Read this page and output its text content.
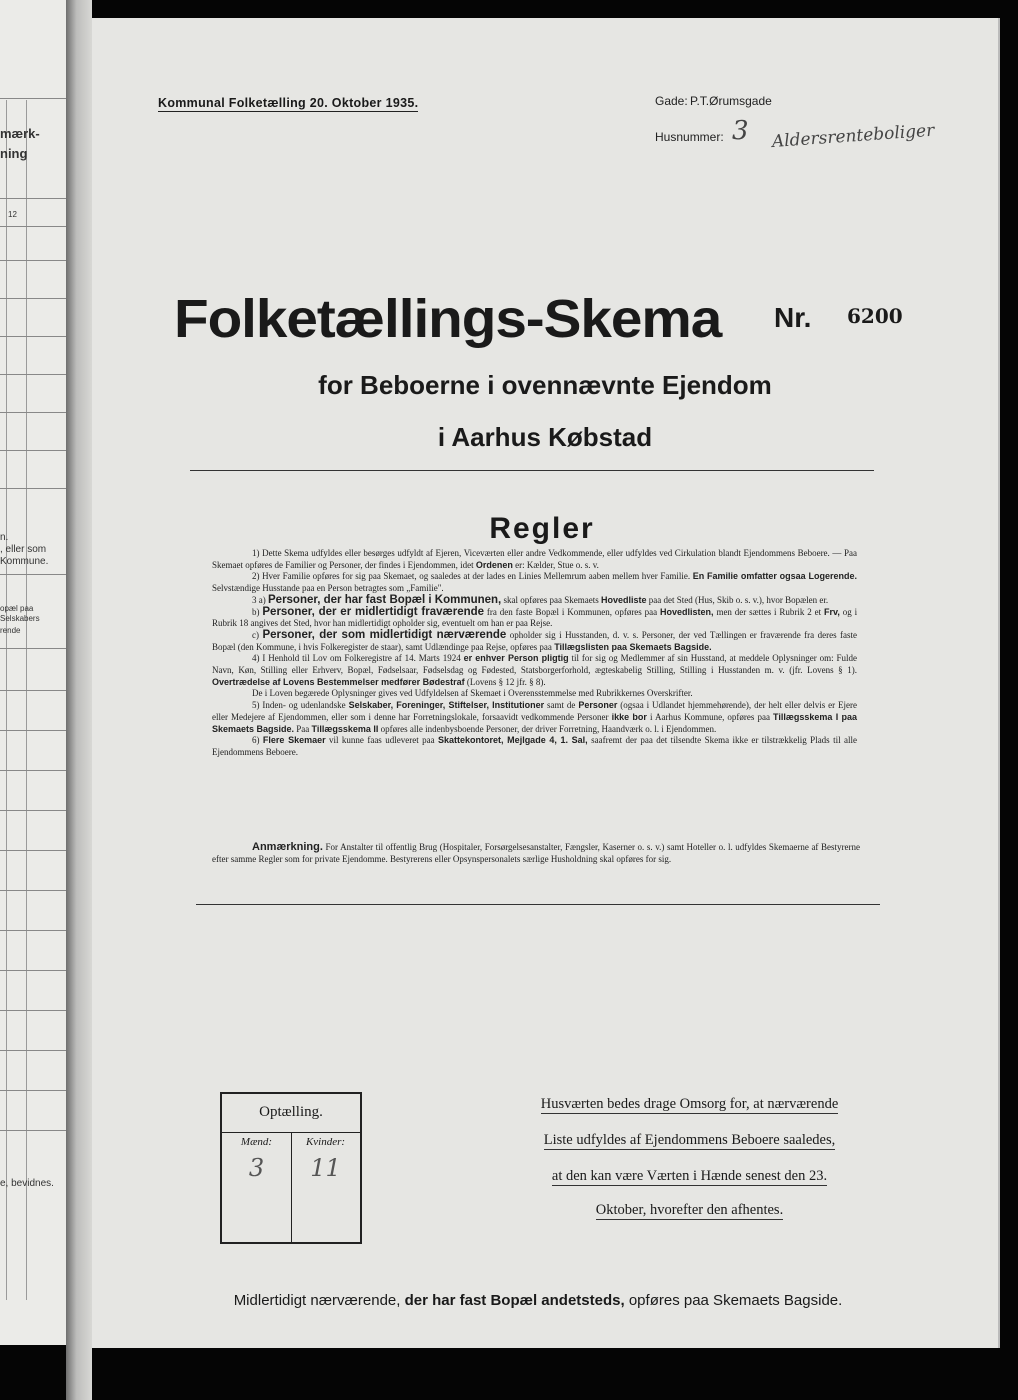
mærk-
ning
12
n.
, eller som
Kommune.
opæl paa
Selskabers
rende
e, bevidnes.
Kommunal Folketælling 20. Oktober 1935.	Gade: P.T.Ørumsgade
Husnummer: 3 Aldersrenteboliger
Folketællings-Skema Nr. 6200
for Beboerne i ovennævnte Ejendom
i Aarhus Købstad
Regler

1) Dette Skema udfyldes eller besørges udfyldt af Ejeren, Viceværten eller andre Vedkommende, eller udfyldes ved Cirkulation blandt Ejendommens Beboere. — Paa Skemaet opføres de Familier og Personer, der findes i Ejendommen, idet Ordenen er: Kælder, Stue o. s. v.

2) Hver Familie opføres for sig paa Skemaet, og saaledes at der lades en Linies Mellemrum aaben mellem hver Familie. En Familie omfatter ogsaa Logerende. Selvstændige Husstande paa en Person betragtes som „Familie".

3 a) Personer, der har fast Bopæl i Kommunen, skal opføres paa Skemaets Hovedliste paa det Sted (Hus, Skib o. s. v.), hvor Bopælen er.

b) Personer, der er midlertidigt fraværende fra den faste Bopæl i Kommunen, opføres paa Hovedlisten, men der sættes i Rubrik 2 et Frv, og i Rubrik 18 angives det Sted, hvor han midlertidigt opholder sig, eventuelt om han er paa Rejse.

c) Personer, der som midlertidigt nærværende opholder sig i Husstanden, d. v. s. Personer, der ved Tællingen er fraværende fra deres faste Bopæl (den Kommune, i hvis Folkeregister de staar), samt Udlændinge paa Rejse, opføres paa Tillægslisten paa Skemaets Bagside.

4) I Henhold til Lov om Folkeregistre af 14. Marts 1924 er enhver Person pligtig til for sig og Medlemmer af sin Husstand, at meddele Oplysninger om: Fulde Navn, Køn, Stilling eller Erhverv, Bopæl, Fødselsaar, Fødselsdag og Fødested, Statsborgerforhold, ægteskabelig Stilling, Stilling i Husstanden m. v. (jfr. Lovens § 1). Overtrædelse af Lovens Bestemmelser medfører Bødestraf (Lovens § 12 jfr. § 8).

De i Loven begærede Oplysninger gives ved Udfyldelsen af Skemaet i Overensstemmelse med Rubrikkernes Overskrifter.

5) Inden- og udenlandske Selskaber, Foreninger, Stiftelser, Institutioner samt de Personer (ogsaa i Udlandet hjemmehørende), der helt eller delvis er Ejere eller Medejere af Ejendommen, eller som i denne har Forretningslokale, forsaavidt vedkommende Personer ikke bor i Aarhus Kommune, opføres paa Tillægsskema I paa Skemaets Bagside. Paa Tillægsskema II opføres alle indenbysboende Personer, der driver Forretning, Haandværk o. l. i Ejendommen.

6) Flere Skemaer vil kunne faas udleveret paa Skattekontoret, Mejlgade 4, 1. Sal, saafremt der paa det tilsendte Skema ikke er tilstrækkelig Plads til alle Ejendommens Beboere.

Anmærkning. For Anstalter til offentlig Brug (Hospitaler, Forsørgelsesanstalter, Fængsler, Kaserner o. s. v.) samt Hoteller o. l. udfyldes Skemaerne af Bestyrerne efter samme Regler som for private Ejendomme. Bestyrerens eller Opsynspersonalets særlige Husholdning skal opføres for sig.
Optælling.
Mænd:	Kvinder:
3	11
Husværten bedes drage Omsorg for, at nærværende
Liste udfyldes af Ejendommens Beboere saaledes,
at den kan være Værten i Hænde senest den 23.
Oktober, hvorefter den afhentes.
Midlertidigt nærværende, der har fast Bopæl andetsteds, opføres paa Skemaets Bagside.
